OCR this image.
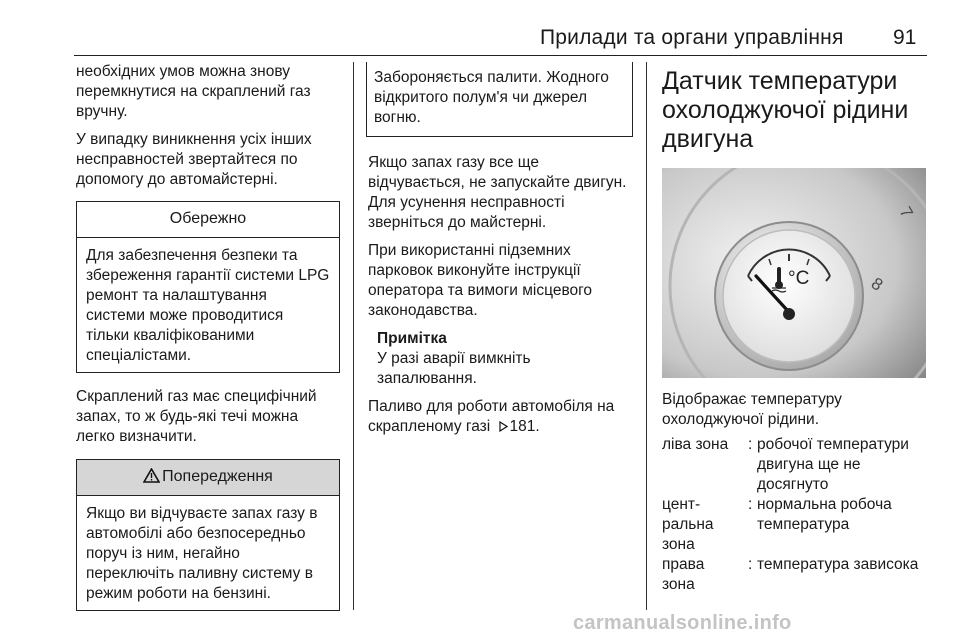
Прилади та органи управління 91

необхідних умов можна знову перемкнутися на скраплений газ вручну.

У випадку виникнення усіх інших несправностей звертайтеся по допомогу до автомайстерні.

Обережно

Для забезпечення безпеки та збереження гарантії системи LPG ремонт та налаштування системи може проводитися тільки кваліфікованими спеціалістами.

Скраплений газ має специфічний запах, то ж будь-які течі можна легко визначити.

Попередження

Якщо ви відчуваєте запах газу в автомобілі або безпосередньо поруч із ним, негайно переключіть паливну систему в режим роботи на бензині.

Забороняється палити. Жодного відкритого полум'я чи джерел вогню.

Якщо запах газу все ще відчувається, не запускайте двигун. Для усунення несправності зверніться до майстерні.

При використанні підземних парковок виконуйте інструкції оператора та вимоги місцевого законодавства.

Примітка
У разі аварії вимкніть запалювання.

Паливо для роботи автомобіля на скрапленому газі 181.

Датчик температури охолоджуючої рідини двигуна
7
8
°C

Відображає температуру охолоджуючої рідини.

ліва зона	: робочої температури двигуна ще не досягнуто
цент-ральна зона
: нормальна робоча температура
права зона
: температура зависока
carmanualsonline.info
